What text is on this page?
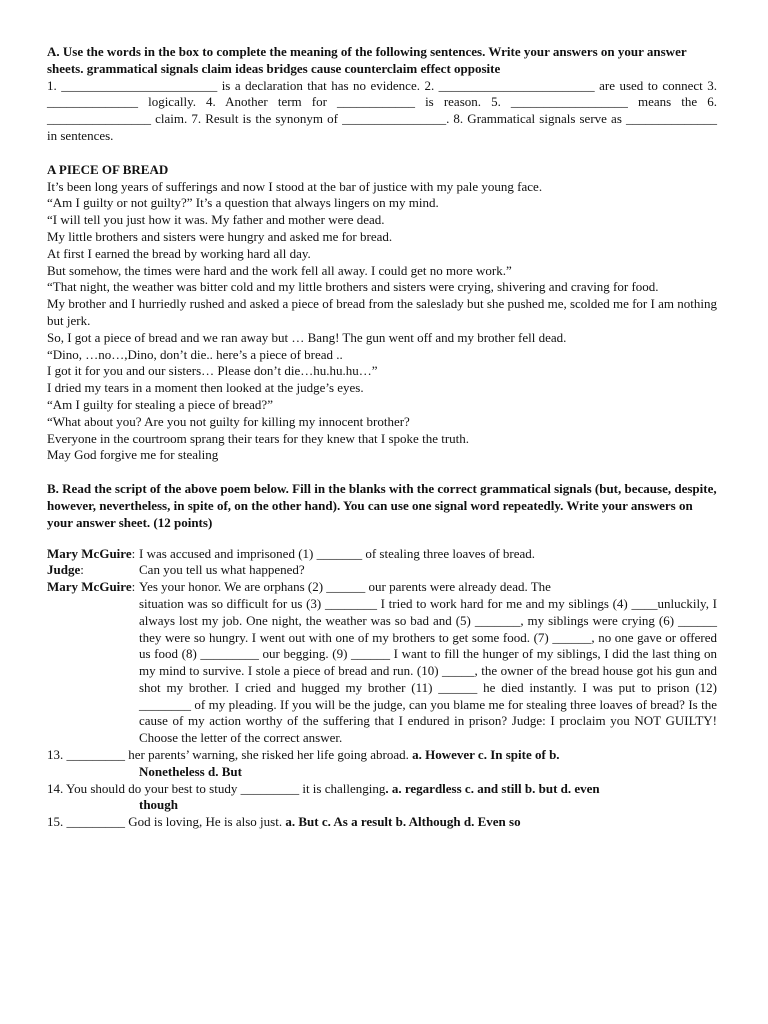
A. Use the words in the box to complete the meaning of the following sentences. Write your answers on your answer sheets. grammatical signals claim ideas bridges cause counterclaim effect opposite

1. ________________________ is a declaration that has no evidence. 2. ________________________ are used to connect 3. ______________ logically. 4. Another term for ____________ is reason. 5. __________________ means the 6. ________________ claim. 7. Result is the synonym of ________________. 8. Grammatical signals serve as ______________ in sentences.

A PIECE OF BREAD

It’s been long years of sufferings and now I stood at the bar of justice with my pale young face.

“Am I guilty or not guilty?” It’s a question that always lingers on my mind.

“I will tell you just how it was. My father and mother were dead.

My little brothers and sisters were hungry and asked me for bread.

At first I earned the bread by working hard all day.

But somehow, the times were hard and the work fell all away. I could get no more work.”

“That night, the weather was bitter cold and my little brothers and sisters were crying, shivering and craving for food.

My brother and I hurriedly rushed and asked a piece of bread from the saleslady but she pushed me, scolded me for I am nothing but jerk.

So, I got a piece of bread and we ran away but … Bang! The gun went off and my brother fell dead.

“Dino, …no…,Dino, don’t die.. here’s a piece of bread ..

I got it for you and our sisters… Please don’t die…hu.hu.hu…”

I dried my tears in a moment then looked at the judge’s eyes.

“Am I guilty for stealing a piece of bread?”

“What about you? Are you not guilty for killing my innocent brother?

Everyone in the courtroom sprang their tears for they knew that I spoke the truth.

May God forgive me for stealing

B. Read the script of the above poem below. Fill in the blanks with the correct grammatical signals (but, because, despite, however, nevertheless, in spite of, on the other hand). You can use one signal word repeatedly. Write your answers on your answer sheet. (12 points)

Mary McGuire: I was accused and imprisoned (1) _______ of stealing three loaves of bread.
Judge:	Can you tell us what happened?
Mary McGuire: Yes your honor. We are orphans (2) ______ our parents were already dead. The

situation was so difficult for us (3) ________ I tried to work hard for me and my siblings (4) ____unluckily, I always lost my job. One night, the weather was so bad and (5) _______, my siblings were crying (6) ______ they were so hungry. I went out with one of my brothers to get some food. (7) ______, no one gave or offered us food (8) _________ our begging. (9) ______ I want to fill the hunger of my siblings, I did the last thing on my mind to survive. I stole a piece of bread and run. (10) _____, the owner of the bread house got his gun and shot my brother. I cried and hugged my brother (11) ______ he died instantly. I was put to prison (12) ________ of my pleading. If you will be the judge, can you blame me for stealing three loaves of bread? Is the cause of my action worthy of the suffering that I endured in prison? Judge: I proclaim you NOT GUILTY! Choose the letter of the correct answer.

13. _________ her parents’ warning, she risked her life going abroad. a. However c. In spite of b.

Nonetheless d. But

14. You should do your best to study _________ it is challenging. a. regardless c. and still b. but d. even

though

15. _________ God is loving, He is also just. a. But c. As a result b. Although d. Even so
